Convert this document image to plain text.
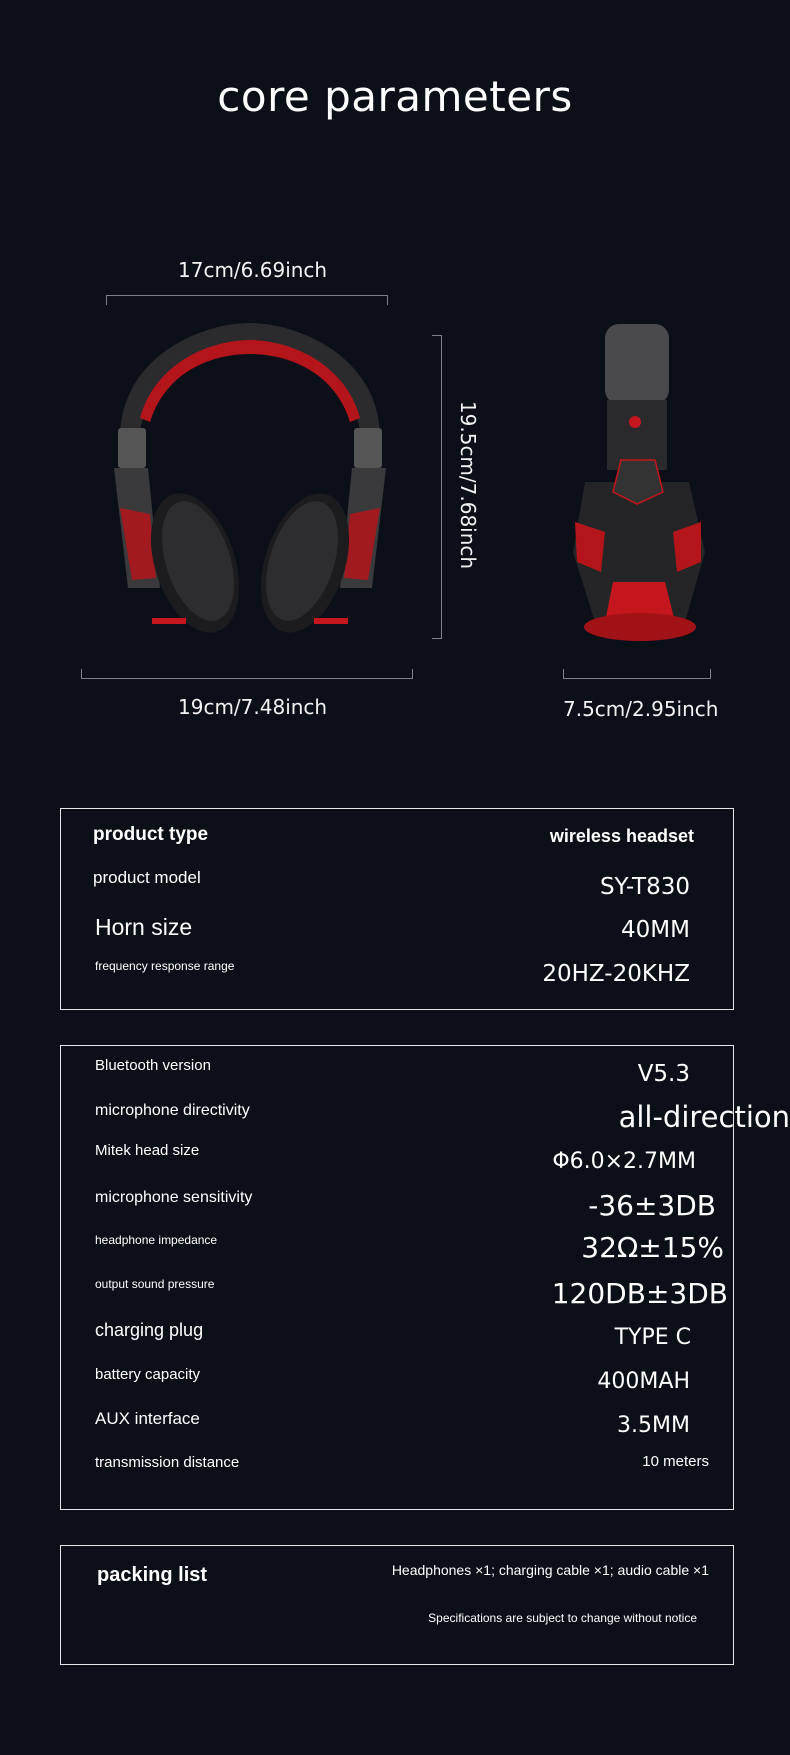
core parameters
17cm/6.69inch
19.5cm/7.68inch
19cm/7.48inch	7.5cm/2.95inch
product type	wireless headset
product model	SY-T830
Horn size	40MM
frequency response range	20HZ-20KHZ
Bluetooth version	V5.3
microphone directivity	all-direction
Mitek head size	Φ6.0×2.7MM
microphone sensitivity	-36±3DB
headphone impedance	32Ω±15%
output sound pressure	120DB±3DB
charging plug	TYPE C
battery capacity	400MAH
AUX interface	3.5MM
transmission distance	10 meters
packing list	Headphones ×1; charging cable ×1; audio cable ×1
Specifications are subject to change without notice
